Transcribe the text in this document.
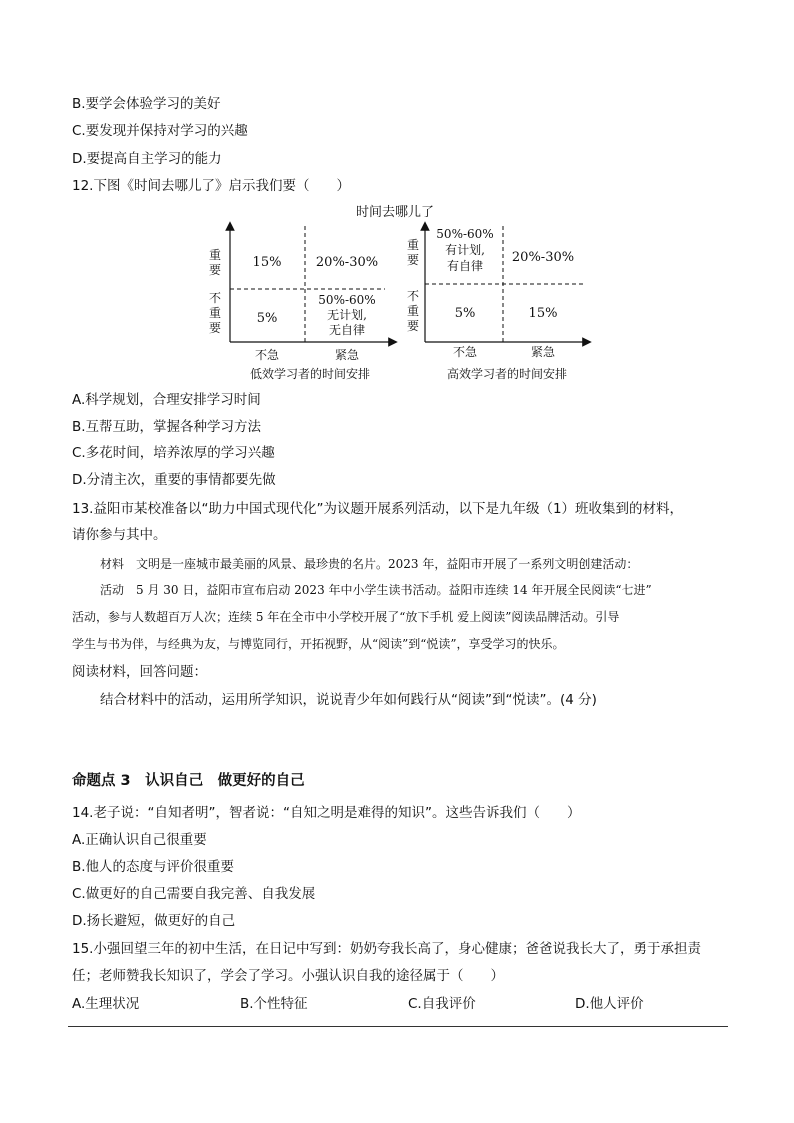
B.要学会体验学习的美好
C.要发现并保持对学习的兴趣
D.要提高自主学习的能力
12.下图《时间去哪儿了》启示我们要（　　）
时间去哪儿了
重
要
不
重
要
15%	20%-30%
5%
50%-60%
无计划,
无自律
不急	紧急
低效学习者的时间安排
重
要
不
重
要
50%-60%
有计划,
有自律
20%-30%
5%	15%
不急	紧急
高效学习者的时间安排
A.科学规划，合理安排学习时间
B.互帮互助，掌握各种学习方法
C.多花时间，培养浓厚的学习兴趣
D.分清主次，重要的事情都要先做
13.益阳市某校准备以“助力中国式现代化”为议题开展系列活动，以下是九年级（1）班收集到的材料，
请你参与其中。
材料　文明是一座城市最美丽的风景、最珍贵的名片。2023 年，益阳市开展了一系列文明创建活动：
活动　5 月 30 日，益阳市宣布启动 2023 年中小学生读书活动。益阳市连续 14 年开展全民阅读“七进”
活动，参与人数超百万人次；连续 5 年在全市中小学校开展了“放下手机 爱上阅读”阅读品牌活动。引导
学生与书为伴，与经典为友，与博览同行，开拓视野，从“阅读”到“悦读”，享受学习的快乐。
阅读材料，回答问题：
结合材料中的活动，运用所学知识，说说青少年如何践行从“阅读”到“悦读”。(4 分)
命题点 3　认识自己　做更好的自己
14.老子说：“自知者明”，智者说：“自知之明是难得的知识”。这些告诉我们（　　）
A.正确认识自己很重要
B.他人的态度与评价很重要
C.做更好的自己需要自我完善、自我发展
D.扬长避短，做更好的自己
15.小强回望三年的初中生活，在日记中写到：奶奶夸我长高了，身心健康；爸爸说我长大了，勇于承担责
任；老师赞我长知识了，学会了学习。小强认识自我的途径属于（　　）
A.生理状况	B.个性特征	C.自我评价	D.他人评价
